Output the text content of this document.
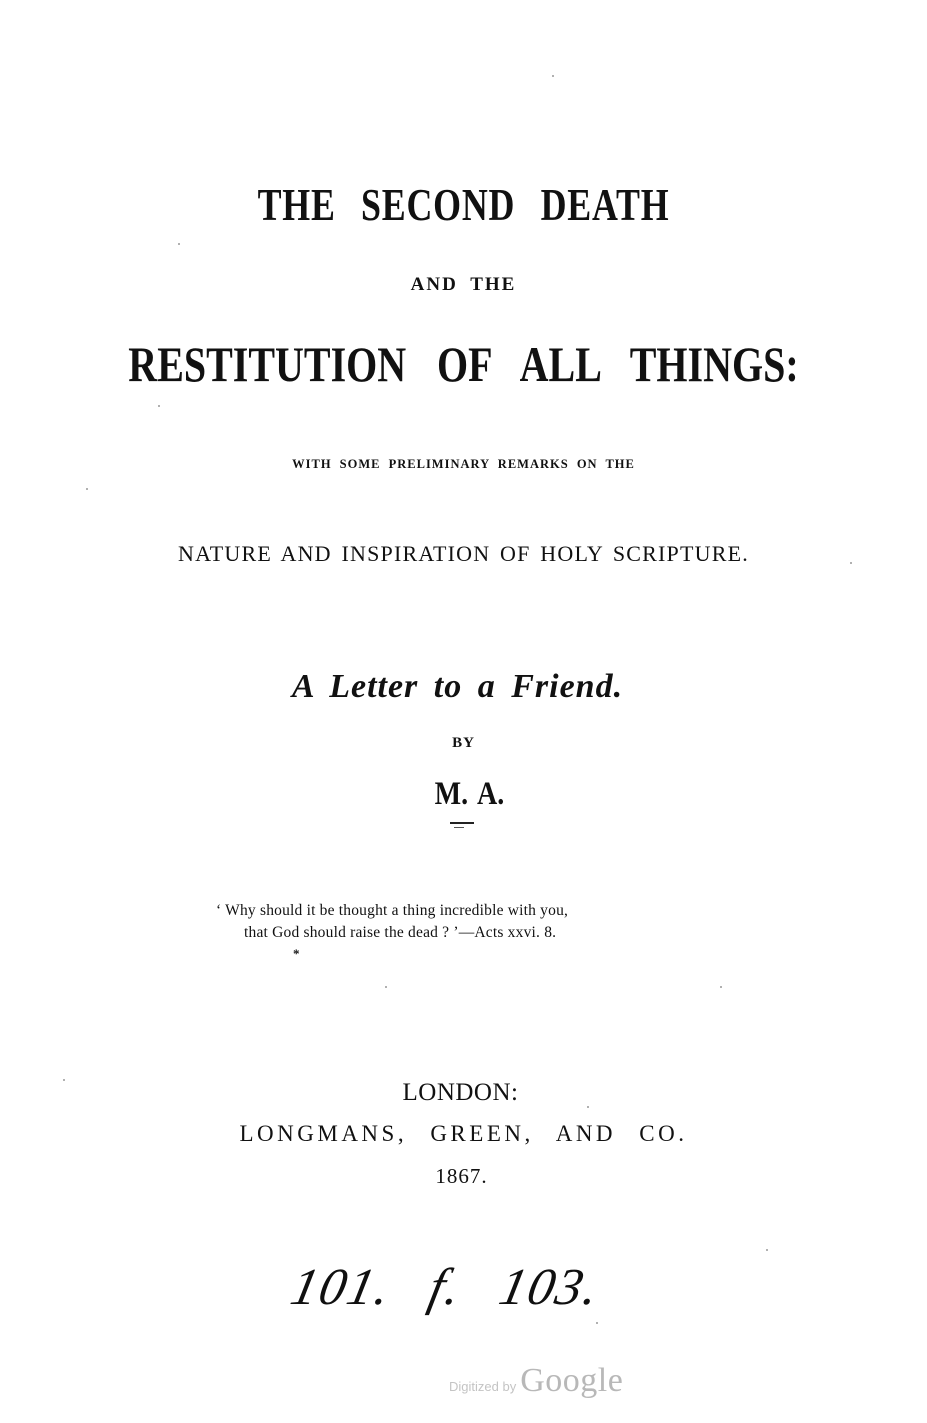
THE SECOND DEATH
AND THE
RESTITUTION OF ALL THINGS:
WITH SOME PRELIMINARY REMARKS ON THE
NATURE AND INSPIRATION OF HOLY SCRIPTURE.
A Letter to a Friend.
BY
M. A.
‘ Why should it be thought a thing incredible with you,
that God should raise the dead ? ’—Acts xxvi. 8.
*
LONDON:
LONGMANS, GREEN, AND CO.
1867.
101. f. 103.
Digitized by Google
